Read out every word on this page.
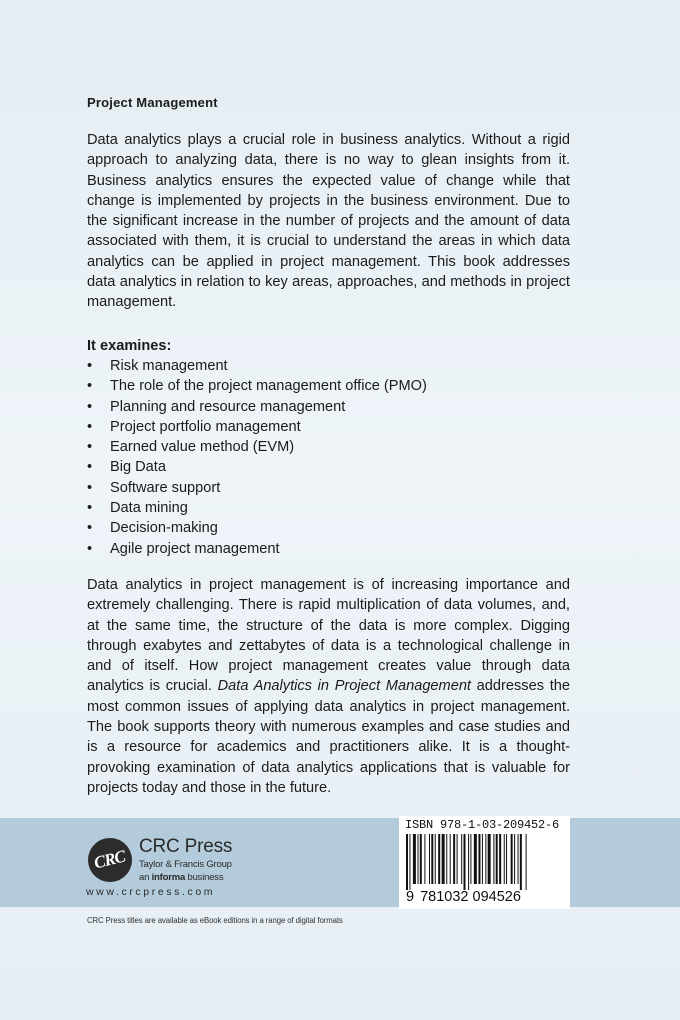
Project Management

Data analytics plays a crucial role in business analytics. Without a rigid approach to analyzing data, there is no way to glean insights from it. Business analytics ensures the expected value of change while that change is implemented by projects in the business environment. Due to the significant increase in the number of projects and the amount of data associated with them, it is crucial to understand the areas in which data analytics can be applied in project management. This book addresses data analytics in relation to key areas, approaches, and methods in project management.

It examines:

• Risk management
• The role of the project management office (PMO)
• Planning and resource management
• Project portfolio management
• Earned value method (EVM)
• Big Data
• Software support
• Data mining
• Decision-making
• Agile project management

Data analytics in project management is of increasing importance and extremely challenging. There is rapid multiplication of data volumes, and, at the same time, the structure of the data is more complex. Digging through exabytes and zettabytes of data is a technological challenge in and of itself. How project management creates value through data analytics is crucial. Data Analytics in Project Management addresses the most common issues of applying data analytics in project management. The book supports theory with numerous examples and case studies and is a resource for academics and practitioners alike. It is a thought-provoking examination of data analytics applications that is valuable for projects today and those in the future.

CRC
CRC Press
Taylor & Francis Group
an informa business
www.crcpress.com
ISBN 978-1-03-209452-6
9 781032 094526
CRC Press titles are available as eBook editions in a range of digital formats
